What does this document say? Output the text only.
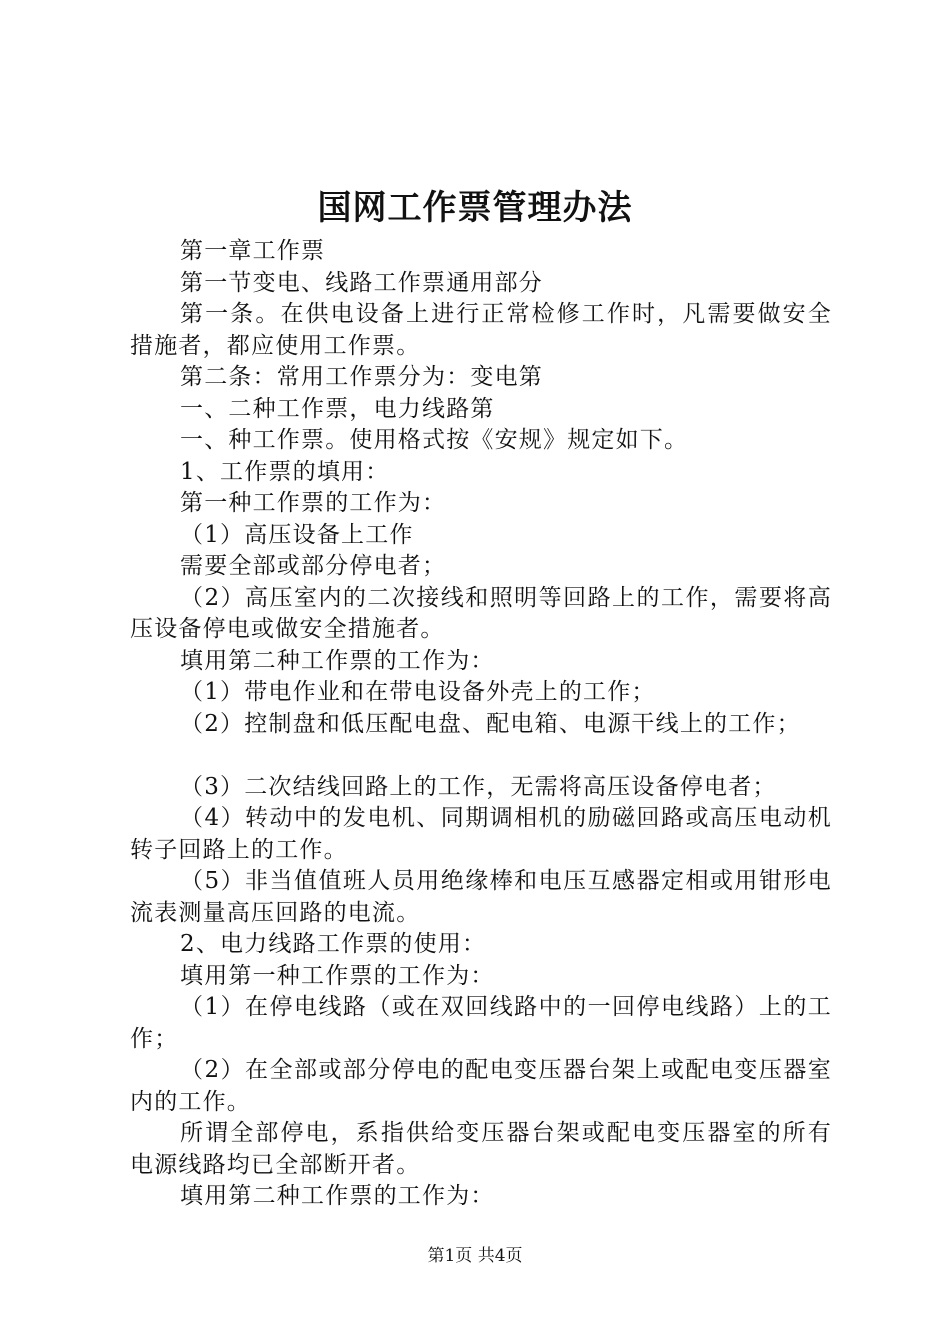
国网工作票管理办法

第一章工作票

第一节变电、线路工作票通用部分

第一条。在供电设备上进行正常检修工作时，凡需要做安全措施者，都应使用工作票。

第二条：常用工作票分为：变电第

一、二种工作票，电力线路第

一、种工作票。使用格式按《安规》规定如下。

1、工作票的填用：

第一种工作票的工作为：

（1）高压设备上工作

需要全部或部分停电者；

（2）高压室内的二次接线和照明等回路上的工作，需要将高压设备停电或做安全措施者。

填用第二种工作票的工作为：

（1）带电作业和在带电设备外壳上的工作；

（2）控制盘和低压配电盘、配电箱、电源干线上的工作；

（3）二次结线回路上的工作，无需将高压设备停电者；

（4）转动中的发电机、同期调相机的励磁回路或高压电动机转子回路上的工作。

（5）非当值值班人员用绝缘棒和电压互感器定相或用钳形电流表测量高压回路的电流。

2、电力线路工作票的使用：

填用第一种工作票的工作为：

（1）在停电线路（或在双回线路中的一回停电线路）上的工作；

（2）在全部或部分停电的配电变压器台架上或配电变压器室内的工作。

所谓全部停电，系指供给变压器台架或配电变压器室的所有电源线路均已全部断开者。

填用第二种工作票的工作为：

第1页 共4页
